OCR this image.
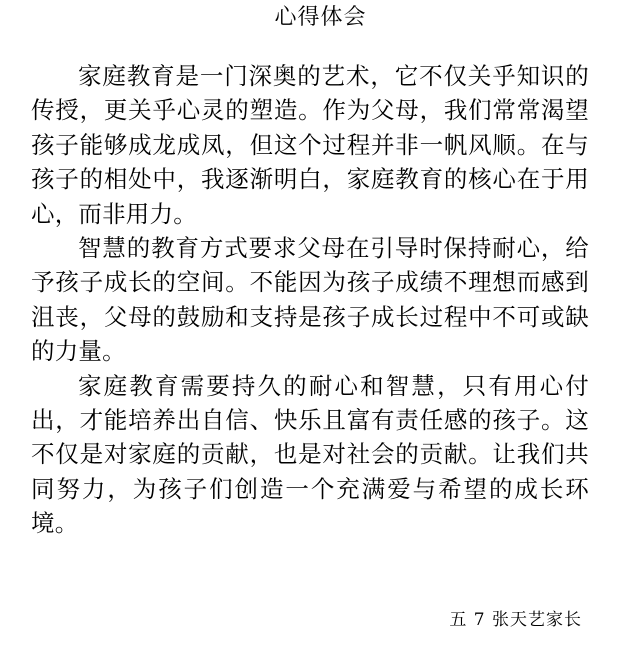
心得体会

家庭教育是一门深奥的艺术，它不仅关乎知识的传授，更关乎心灵的塑造。作为父母，我们常常渴望孩子能够成龙成凤，但这个过程并非一帆风顺。在与孩子的相处中，我逐渐明白，家庭教育的核心在于用心，而非用力。

智慧的教育方式要求父母在引导时保持耐心，给予孩子成长的空间。不能因为孩子成绩不理想而感到沮丧，父母的鼓励和支持是孩子成长过程中不可或缺的力量。

家庭教育需要持久的耐心和智慧，只有用心付出，才能培养出自信、快乐且富有责任感的孩子。这不仅是对家庭的贡献，也是对社会的贡献。让我们共同努力，为孩子们创造一个充满爱与希望的成长环境。

五 7 张天艺家长
